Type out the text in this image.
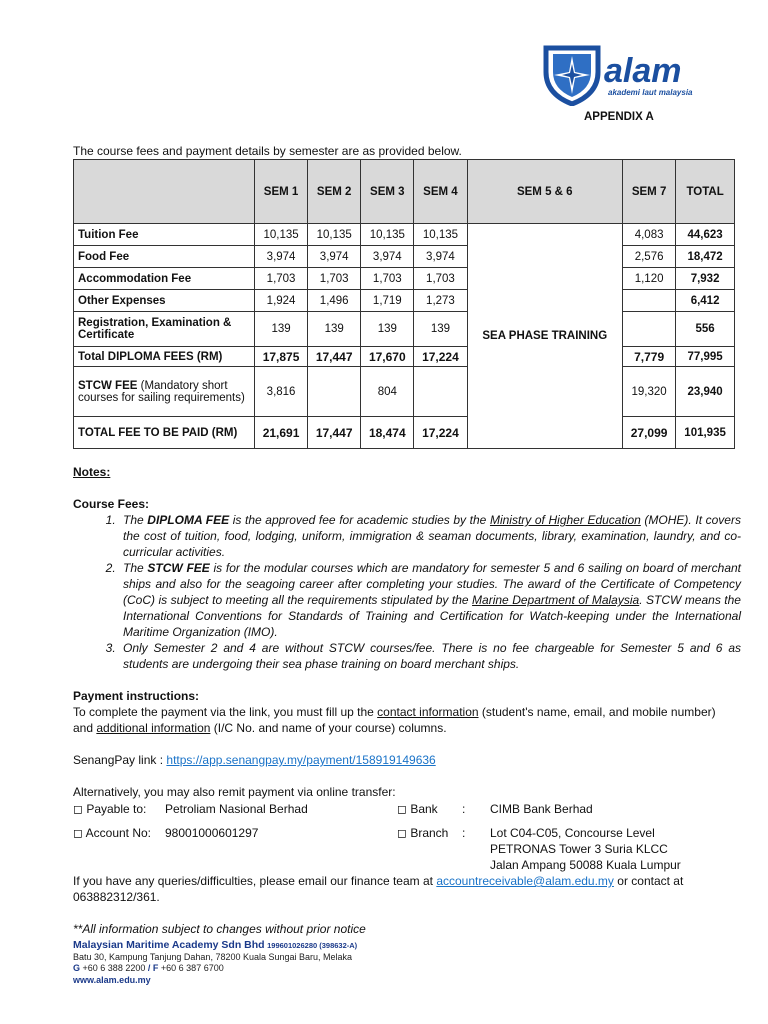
alam
akademi laut malaysia
APPENDIX A
The course fees and payment details by semester are as provided below.
	SEM 1	SEM 2	SEM 3	SEM 4	SEM 5 & 6	SEM 7	TOTAL
Tuition Fee	10,135	10,135	10,135	10,135	SEA PHASE TRAINING	4,083	44,623
Food Fee	3,974	3,974	3,974	3,974		2,576	18,472
Accommodation Fee	1,703	1,703	1,703	1,703		1,120	7,932
Other Expenses	1,924	1,496	1,719	1,273			6,412
Registration, Examination & Certificate	139	139	139	139			556
Total DIPLOMA FEES (RM)	17,875	17,447	17,670	17,224		7,779	77,995
STCW FEE (Mandatory short courses for sailing requirements)	3,816		804			19,320	23,940
TOTAL FEE TO BE PAID (RM)	21,691	17,447	18,474	17,224		27,099	101,935
Notes:
Course Fees:
1. The DIPLOMA FEE is the approved fee for academic studies by the Ministry of Higher Education (MOHE). It covers the cost of tuition, food, lodging, uniform, immigration & seaman documents, library, examination, laundry, and co-curricular activities.
2. The STCW FEE is for the modular courses which are mandatory for semester 5 and 6 sailing on board of merchant ships and also for the seagoing career after completing your studies. The award of the Certificate of Competency (CoC) is subject to meeting all the requirements stipulated by the Marine Department of Malaysia. STCW means the International Conventions for Standards of Training and Certification for Watch-keeping under the International Maritime Organization (IMO).
3. Only Semester 2 and 4 are without STCW courses/fee. There is no fee chargeable for Semester 5 and 6 as students are undergoing their sea phase training on board merchant ships.
Payment instructions:
To complete the payment via the link, you must fill up the contact information (student's name, email, and mobile number) and additional information (I/C No. and name of your course) columns.
SenangPay link : https://app.senangpay.my/payment/158919149636
Alternatively, you may also remit payment via online transfer:
◻ Payable to: Petroliam Nasional Berhad	◻ Bank : CIMB Bank Berhad
◻ Account No: 98001000601297	◻ Branch : Lot C04-C05, Concourse Level
PETRONAS Tower 3 Suria KLCC
Jalan Ampang 50088 Kuala Lumpur
If you have any queries/difficulties, please email our finance team at accountreceivable@alam.edu.my or contact at 063882312/361.
**All information subject to changes without prior notice
Malaysian Maritime Academy Sdn Bhd 199601026280 (398632-A)
Batu 30, Kampung Tanjung Dahan, 78200 Kuala Sungai Baru, Melaka
G +60 6 388 2200 / F +60 6 387 6700
www.alam.edu.my
